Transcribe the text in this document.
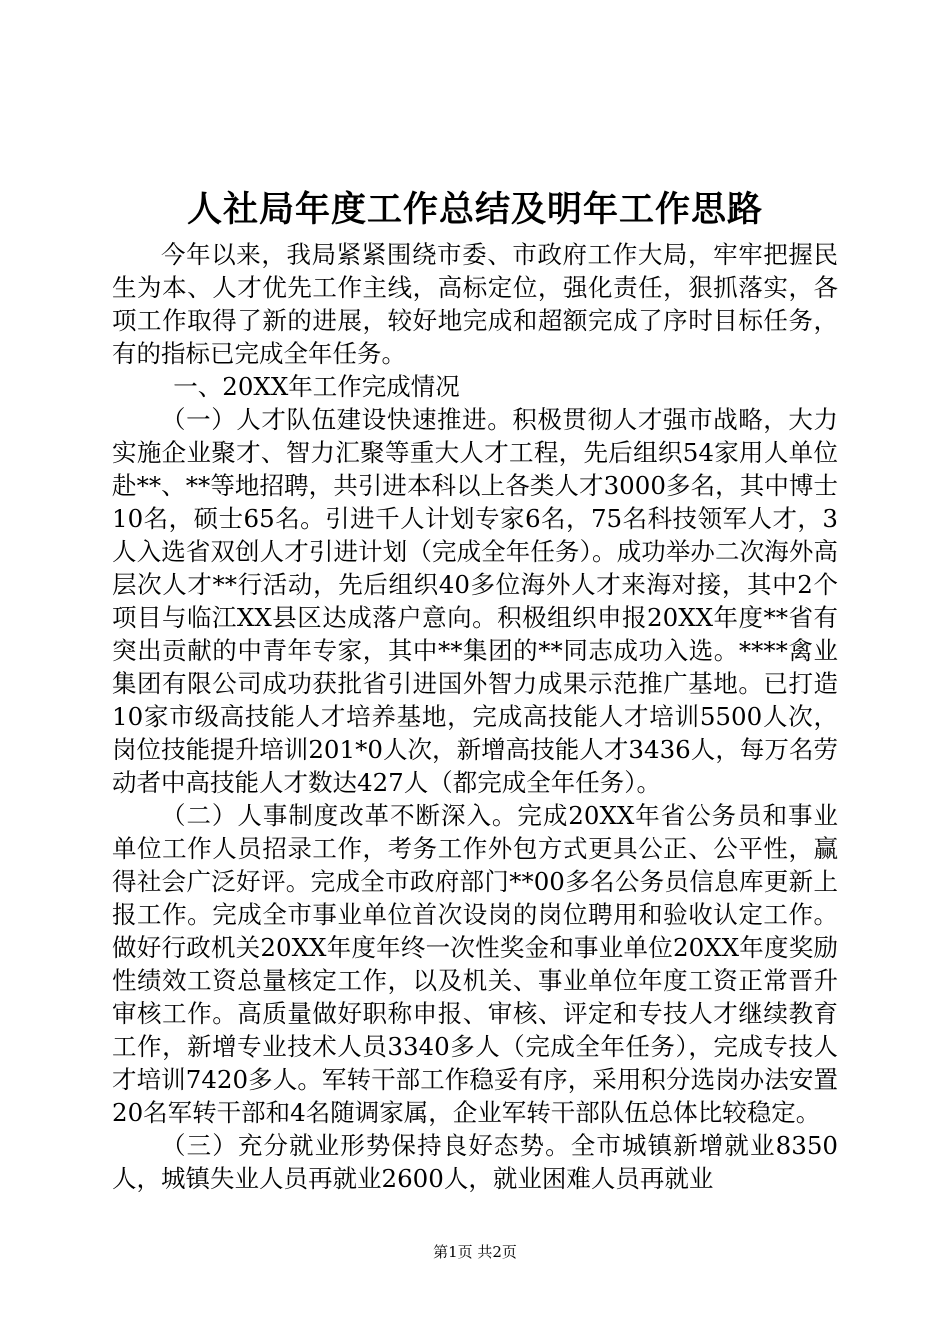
人社局年度工作总结及明年工作思路

今年以来，我局紧紧围绕市委、市政府工作大局，牢牢把握民生为本、人才优先工作主线，高标定位，强化责任，狠抓落实，各项工作取得了新的进展，较好地完成和超额完成了序时目标任务，有的指标已完成全年任务。

一、20XX年工作完成情况

（一）人才队伍建设快速推进。积极贯彻人才强市战略，大力实施企业聚才、智力汇聚等重大人才工程，先后组织54家用人单位赴**、**等地招聘，共引进本科以上各类人才3000多名，其中博士10名，硕士65名。引进千人计划专家6名，75名科技领军人才，3人入选省双创人才引进计划（完成全年任务）。成功举办二次海外高层次人才**行活动，先后组织40多位海外人才来海对接，其中2个项目与临江XX县区达成落户意向。积极组织申报20XX年度**省有突出贡献的中青年专家，其中**集团的**同志成功入选。****禽业集团有限公司成功获批省引进国外智力成果示范推广基地。已打造10家市级高技能人才培养基地，完成高技能人才培训5500人次，岗位技能提升培训201*0人次，新增高技能人才3436人，每万名劳动者中高技能人才数达427人（都完成全年任务）。

（二）人事制度改革不断深入。完成20XX年省公务员和事业单位工作人员招录工作，考务工作外包方式更具公正、公平性，赢得社会广泛好评。完成全市政府部门**00多名公务员信息库更新上报工作。完成全市事业单位首次设岗的岗位聘用和验收认定工作。做好行政机关20XX年度年终一次性奖金和事业单位20XX年度奖励性绩效工资总量核定工作，以及机关、事业单位年度工资正常晋升审核工作。高质量做好职称申报、审核、评定和专技人才继续教育工作，新增专业技术人员3340多人（完成全年任务），完成专技人才培训7420多人。军转干部工作稳妥有序，采用积分选岗办法安置20名军转干部和4名随调家属，企业军转干部队伍总体比较稳定。

（三）充分就业形势保持良好态势。全市城镇新增就业8350人，城镇失业人员再就业2600人，就业困难人员再就业

第1页 共2页
